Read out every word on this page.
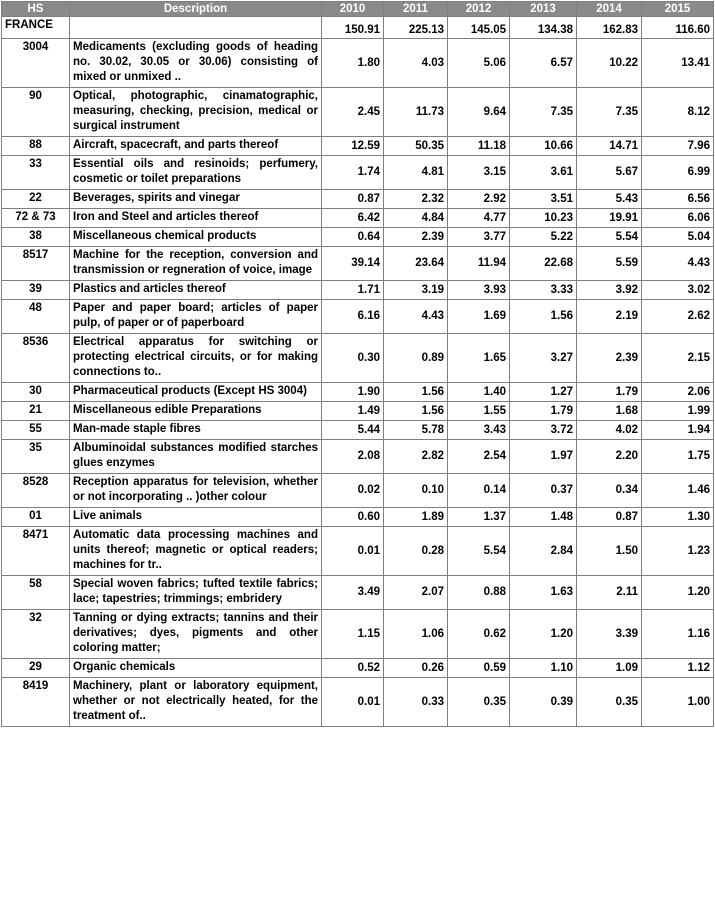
HS	Description	2010	2011	2012	2013	2014	2015
FRANCE		150.91	225.13	145.05	134.38	162.83	116.60
3004	Medicaments (excluding goods of heading no. 30.02, 30.05 or 30.06) consisting of mixed or unmixed ..	1.80	4.03	5.06	6.57	10.22	13.41
90	Optical, photographic, cinamatographic, measuring, checking, precision, medical or surgical instrument	2.45	11.73	9.64	7.35	7.35	8.12
88	Aircraft, spacecraft, and parts thereof	12.59	50.35	11.18	10.66	14.71	7.96
33	Essential oils and resinoids; perfumery, cosmetic or toilet preparations	1.74	4.81	3.15	3.61	5.67	6.99
22	Beverages, spirits and vinegar	0.87	2.32	2.92	3.51	5.43	6.56
72 & 73	Iron and Steel and articles thereof	6.42	4.84	4.77	10.23	19.91	6.06
38	Miscellaneous chemical products	0.64	2.39	3.77	5.22	5.54	5.04
8517	Machine for the reception, conversion and transmission or regneration of voice, image	39.14	23.64	11.94	22.68	5.59	4.43
39	Plastics and articles thereof	1.71	3.19	3.93	3.33	3.92	3.02
48	Paper and paper board; articles of paper pulp, of paper or of paperboard	6.16	4.43	1.69	1.56	2.19	2.62
8536	Electrical apparatus for switching or protecting electrical circuits, or for making connections to..	0.30	0.89	1.65	3.27	2.39	2.15
30	Pharmaceutical products (Except HS 3004)	1.90	1.56	1.40	1.27	1.79	2.06
21	Miscellaneous edible Preparations	1.49	1.56	1.55	1.79	1.68	1.99
55	Man-made staple fibres	5.44	5.78	3.43	3.72	4.02	1.94
35	Albuminoidal substances modified starches glues enzymes	2.08	2.82	2.54	1.97	2.20	1.75
8528	Reception apparatus for television, whether or not incorporating .. )other colour	0.02	0.10	0.14	0.37	0.34	1.46
01	Live animals	0.60	1.89	1.37	1.48	0.87	1.30
8471	Automatic data processing machines and units thereof; magnetic or optical readers; machines for tr..	0.01	0.28	5.54	2.84	1.50	1.23
58	Special woven fabrics; tufted textile fabrics; lace; tapestries; trimmings; embridery	3.49	2.07	0.88	1.63	2.11	1.20
32	Tanning or dying extracts; tannins and their derivatives; dyes, pigments and other coloring matter;	1.15	1.06	0.62	1.20	3.39	1.16
29	Organic chemicals	0.52	0.26	0.59	1.10	1.09	1.12
8419	Machinery, plant or laboratory equipment, whether or not electrically heated, for the treatment of..	0.01	0.33	0.35	0.39	0.35	1.00
